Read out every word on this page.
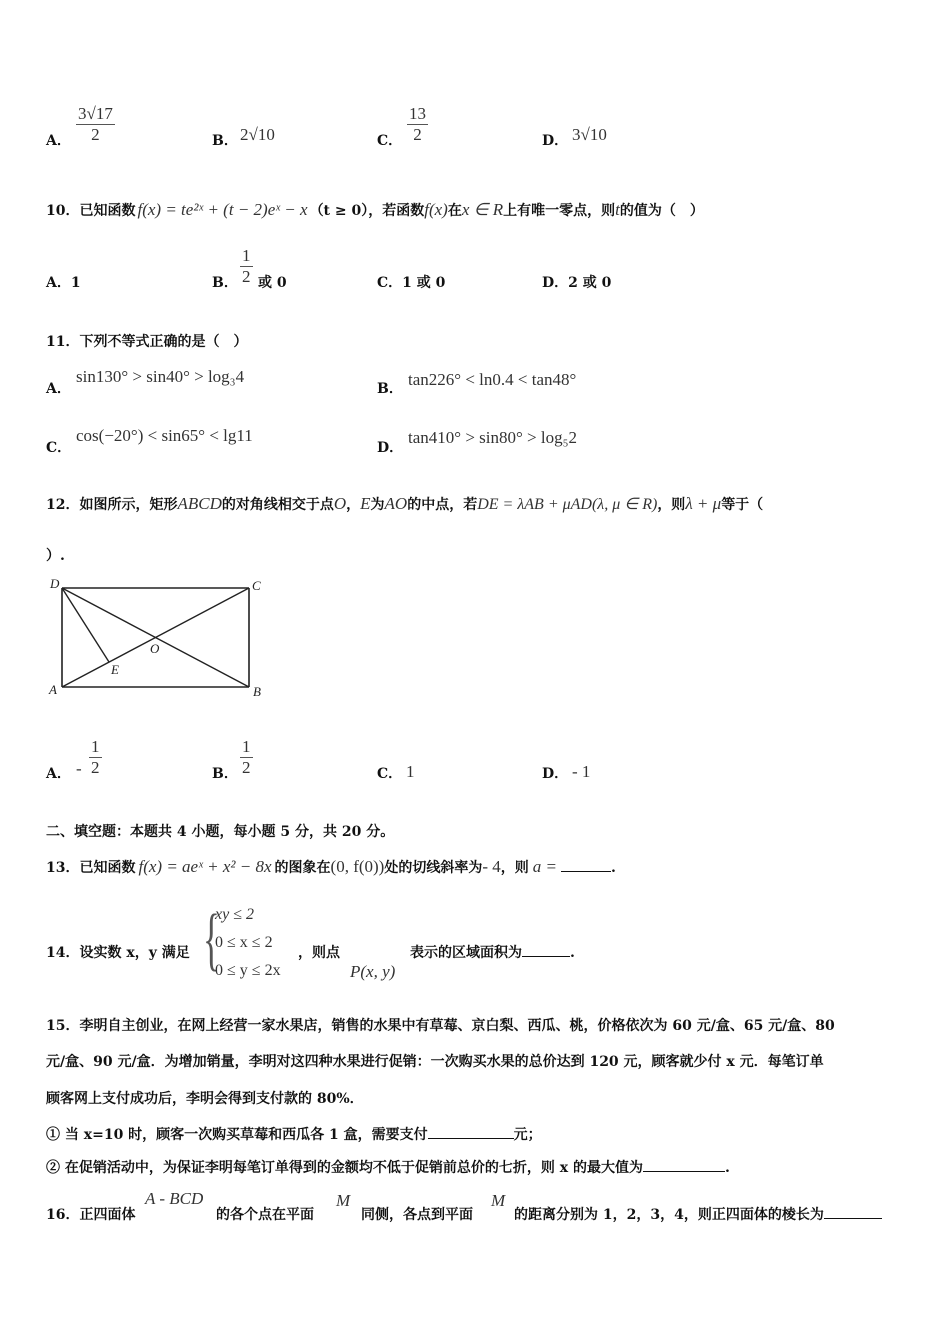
A． $\frac{3√17}{2}$	B． 2√10	C． $\frac{13}{2}$	D． 3√10
10．已知函数 f(x) = te²ˣ + (t − 2)eˣ − x （t ≥ 0），若函数f(x)在x ∈ R上有唯一零点，则t的值为（　）
A．1	B． $\frac{1}{2}$ 或 0	C．1 或 0	D．2 或 0
11．下列不等式正确的是（　）
A．
sin130° > sin40° > log₃4
B． tan226° < ln0.4 < tan48°
C．
cos(−20°) < sin65° < lg11
D．
tan410° > sin80° > log₅2
12．如图所示，矩形ABCD的对角线相交于点O，E为AO的中点，若DE = λAB + μAD(λ, μ ∈ R)，则λ + μ等于（
）.
D	C
A	B
O
E
A． - $\frac{1}{2}$	B． $\frac{1}{2}$	C． 1	D． - 1
二、填空题：本题共 4 小题，每小题 5 分，共 20 分。
13．已知函数 f(x) = aeˣ + x² − 8x 的图象在(0, f(0))处的切线斜率为- 4，则 a =	.
14．设实数 x，y 满足 {
xy ≤ 2
0 ≤ x ≤ 2
0 ≤ y ≤ 2x
，则点
P(x, y)
表示的区域面积为	.
15．李明自主创业，在网上经营一家水果店，销售的水果中有草莓、京白梨、西瓜、桃，价格依次为 60 元/盒、65 元/盒、80
元/盒、90 元/盒．为增加销量，李明对这四种水果进行促销：一次购买水果的总价达到 120 元，顾客就少付 x 元．每笔订单
顾客网上支付成功后，李明会得到支付款的 80%．
① 当 x=10 时，顾客一次购买草莓和西瓜各 1 盒，需要支付	元；
② 在促销活动中，为保证李明每笔订单得到的金额均不低于促销前总价的七折，则 x 的最大值为	.
16．正四面体
A - BCD
的各个点在平面
M
同侧，各点到平面
M
的距离分别为 1，2，3，4，则正四面体的棱长为
